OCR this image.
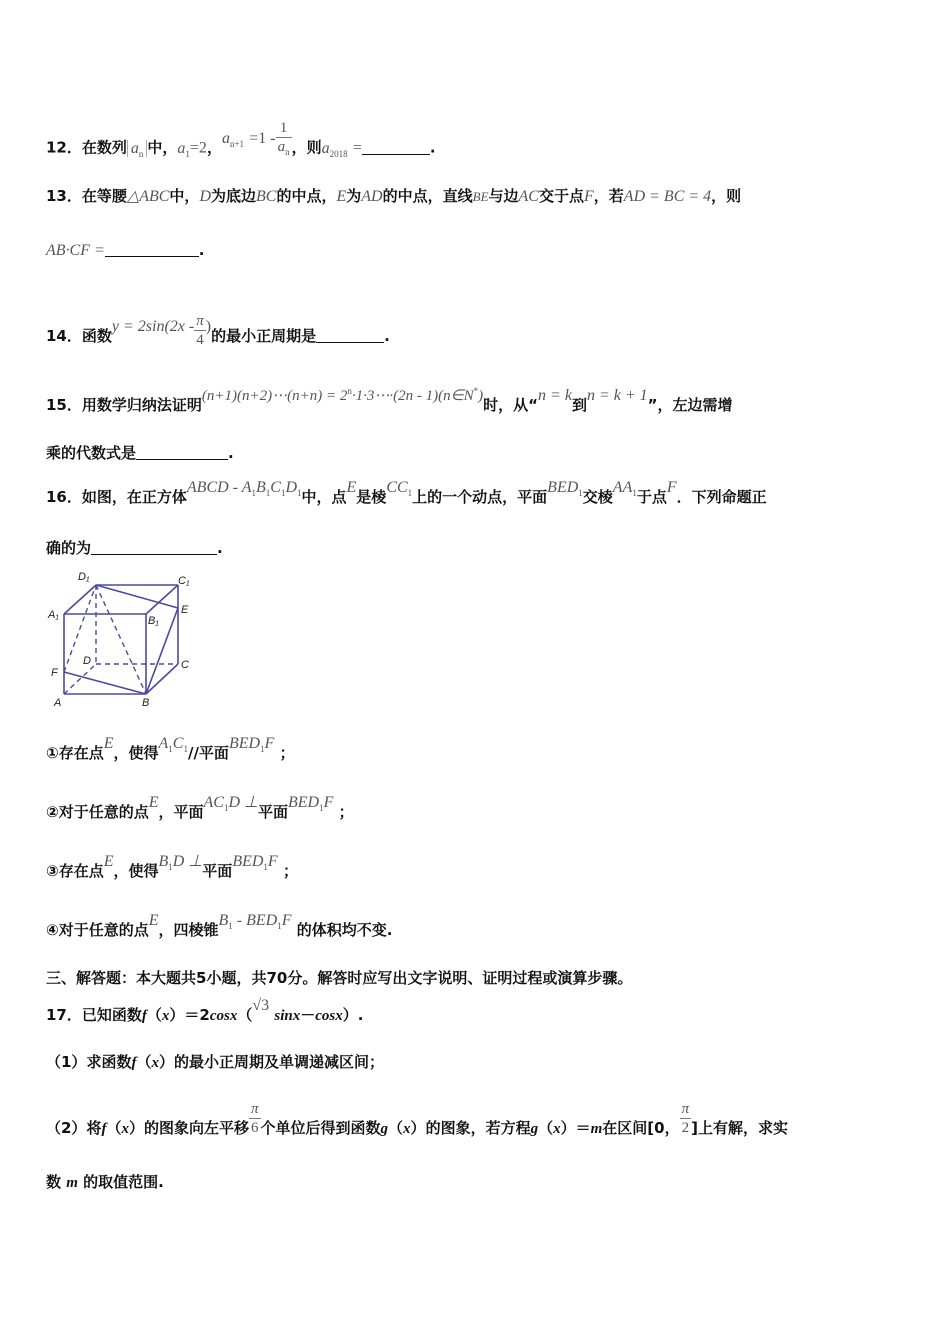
12．在数列 $a_n$ 中，$a_1=2$，$a_{n+1} =1 - \frac{1}{a_n}$ ，则$a_{2018}$ =	.
13．在等腰△ABC中，D为底边BC的中点，E为AD的中点，直线BE与边AC交于点F，若AD = BC = 4，则
AB·CF =	.
14．函数$y = 2\sin(2x - \frac{\pi}{4}$ )的最小正周期是	.
15．用数学归纳法证明(n+1)(n+2)⋯(n+n) = $2^n\cdot 1\cdot 3\cdots\cdot(2n$ - 1)(n∈N*)时，从“n = k到n = k + 1”，左边需增
乘的代数式是	.
16．如图，在正方体ABCD - $A_1B_1C_1D_1$中，点E是棱$CC_1$上的一个动点，平面$BED_1$交棱$AA_1$于点F．下列命题正
确的为	.
D₁	C₁
A₁	B₁
E
F
D	C
A	B
①存在点E，使得$A_1C_1//$平面$BED_1F$ ；
②对于任意的点E，平面$AC_1D$ ⊥平面$BED_1F$ ；
③存在点E，使得$B_1D$ ⊥平面$BED_1F$ ；
④对于任意的点E，四棱锥$B_1 - BED_1F$ 的体积均不变.
三、解答题：本大题共5小题，共70分。解答时应写出文字说明、证明过程或演算步骤。
17．已知函数f（x）＝2cosx（√3 sinx－cosx）.
（1）求函数f（x）的最小正周期及单调递减区间；
（2）将f（x）的图象向左平移 $\frac{\pi}{6}$ 个单位后得到函数g（x）的图象，若方程g（x）＝m在区间[0， $\frac{\pi}{2}$ ]上有解，求实
数 m 的取值范围.
